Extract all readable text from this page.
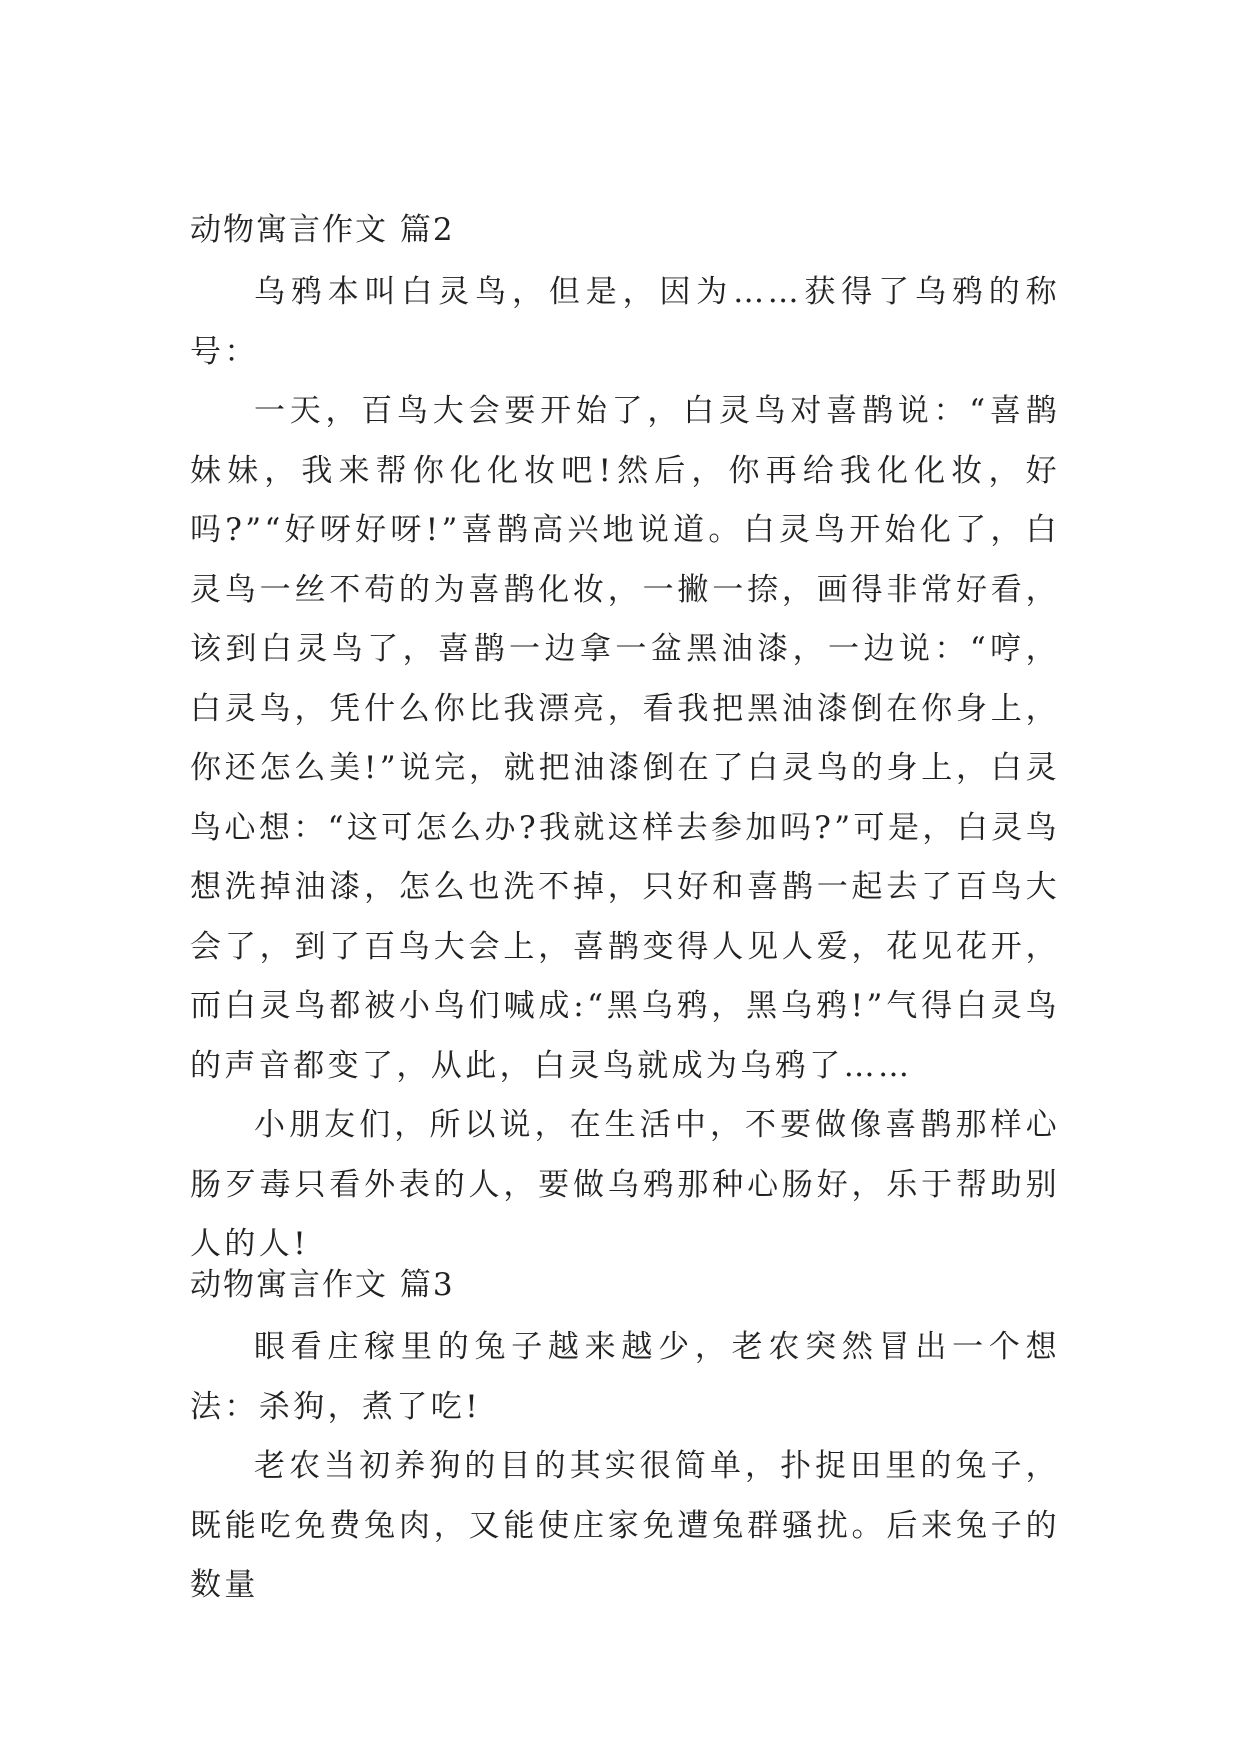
动物寓言作文 篇2

乌鸦本叫白灵鸟，但是，因为……获得了乌鸦的称号：

一天，百鸟大会要开始了，白灵鸟对喜鹊说：“喜鹊妹妹，我来帮你化化妆吧!然后，你再给我化化妆，好吗?”“好呀好呀!”喜鹊高兴地说道。白灵鸟开始化了，白灵鸟一丝不苟的为喜鹊化妆，一撇一捺，画得非常好看，该到白灵鸟了，喜鹊一边拿一盆黑油漆，一边说：“哼，白灵鸟，凭什么你比我漂亮，看我把黑油漆倒在你身上，你还怎么美!”说完，就把油漆倒在了白灵鸟的身上，白灵鸟心想：“这可怎么办?我就这样去参加吗?”可是，白灵鸟想洗掉油漆，怎么也洗不掉，只好和喜鹊一起去了百鸟大会了，到了百鸟大会上，喜鹊变得人见人爱，花见花开，而白灵鸟都被小鸟们喊成:“黑乌鸦，黑乌鸦!”气得白灵鸟的声音都变了，从此，白灵鸟就成为乌鸦了……

小朋友们，所以说，在生活中，不要做像喜鹊那样心肠歹毒只看外表的人，要做乌鸦那种心肠好，乐于帮助别人的人!

动物寓言作文 篇3

眼看庄稼里的兔子越来越少，老农突然冒出一个想法：杀狗，煮了吃!

老农当初养狗的目的其实很简单，扑捉田里的兔子，既能吃免费兔肉，又能使庄家免遭兔群骚扰。后来兔子的数量
